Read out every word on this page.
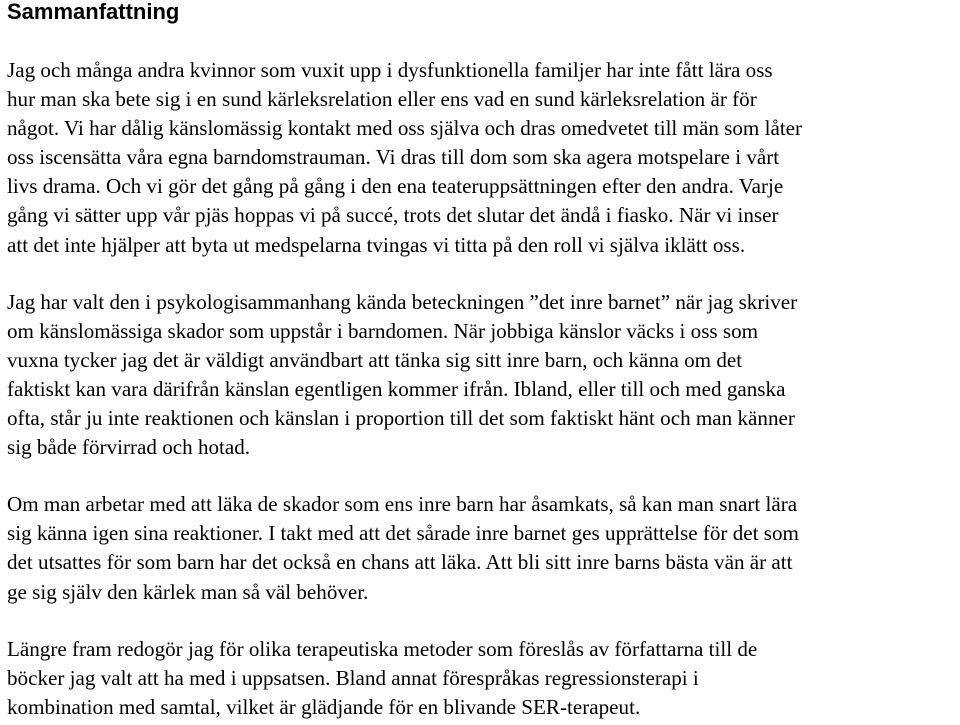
Sammanfattning

Jag och många andra kvinnor som vuxit upp i dysfunktionella familjer har inte fått lära oss
hur man ska bete sig i en sund kärleksrelation eller ens vad en sund kärleksrelation är för
något. Vi har dålig känslomässig kontakt med oss själva och dras omedvetet till män som låter
oss iscensätta våra egna barndomstrauman. Vi dras till dom som ska agera motspelare i vårt
livs drama. Och vi gör det gång på gång i den ena teateruppsättningen efter den andra. Varje
gång vi sätter upp vår pjäs hoppas vi på succé, trots det slutar det ändå i fiasko. När vi inser
att det inte hjälper att byta ut medspelarna tvingas vi titta på den roll vi själva iklätt oss.

Jag har valt den i psykologisammanhang kända beteckningen ”det inre barnet” när jag skriver
om känslomässiga skador som uppstår i barndomen. När jobbiga känslor väcks i oss som
vuxna tycker jag det är väldigt användbart att tänka sig sitt inre barn, och känna om det
faktiskt kan vara därifrån känslan egentligen kommer ifrån. Ibland, eller till och med ganska
ofta, står ju inte reaktionen och känslan i proportion till det som faktiskt hänt och man känner
sig både förvirrad och hotad.

Om man arbetar med att läka de skador som ens inre barn har åsamkats, så kan man snart lära
sig känna igen sina reaktioner. I takt med att det sårade inre barnet ges upprättelse för det som
det utsattes för som barn har det också en chans att läka. Att bli sitt inre barns bästa vän är att
ge sig själv den kärlek man så väl behöver.

Längre fram redogör jag för olika terapeutiska metoder som föreslås av författarna till de
böcker jag valt att ha med i uppsatsen. Bland annat förespråkas regressionsterapi i
kombination med samtal, vilket är glädjande för en blivande SER-terapeut.
